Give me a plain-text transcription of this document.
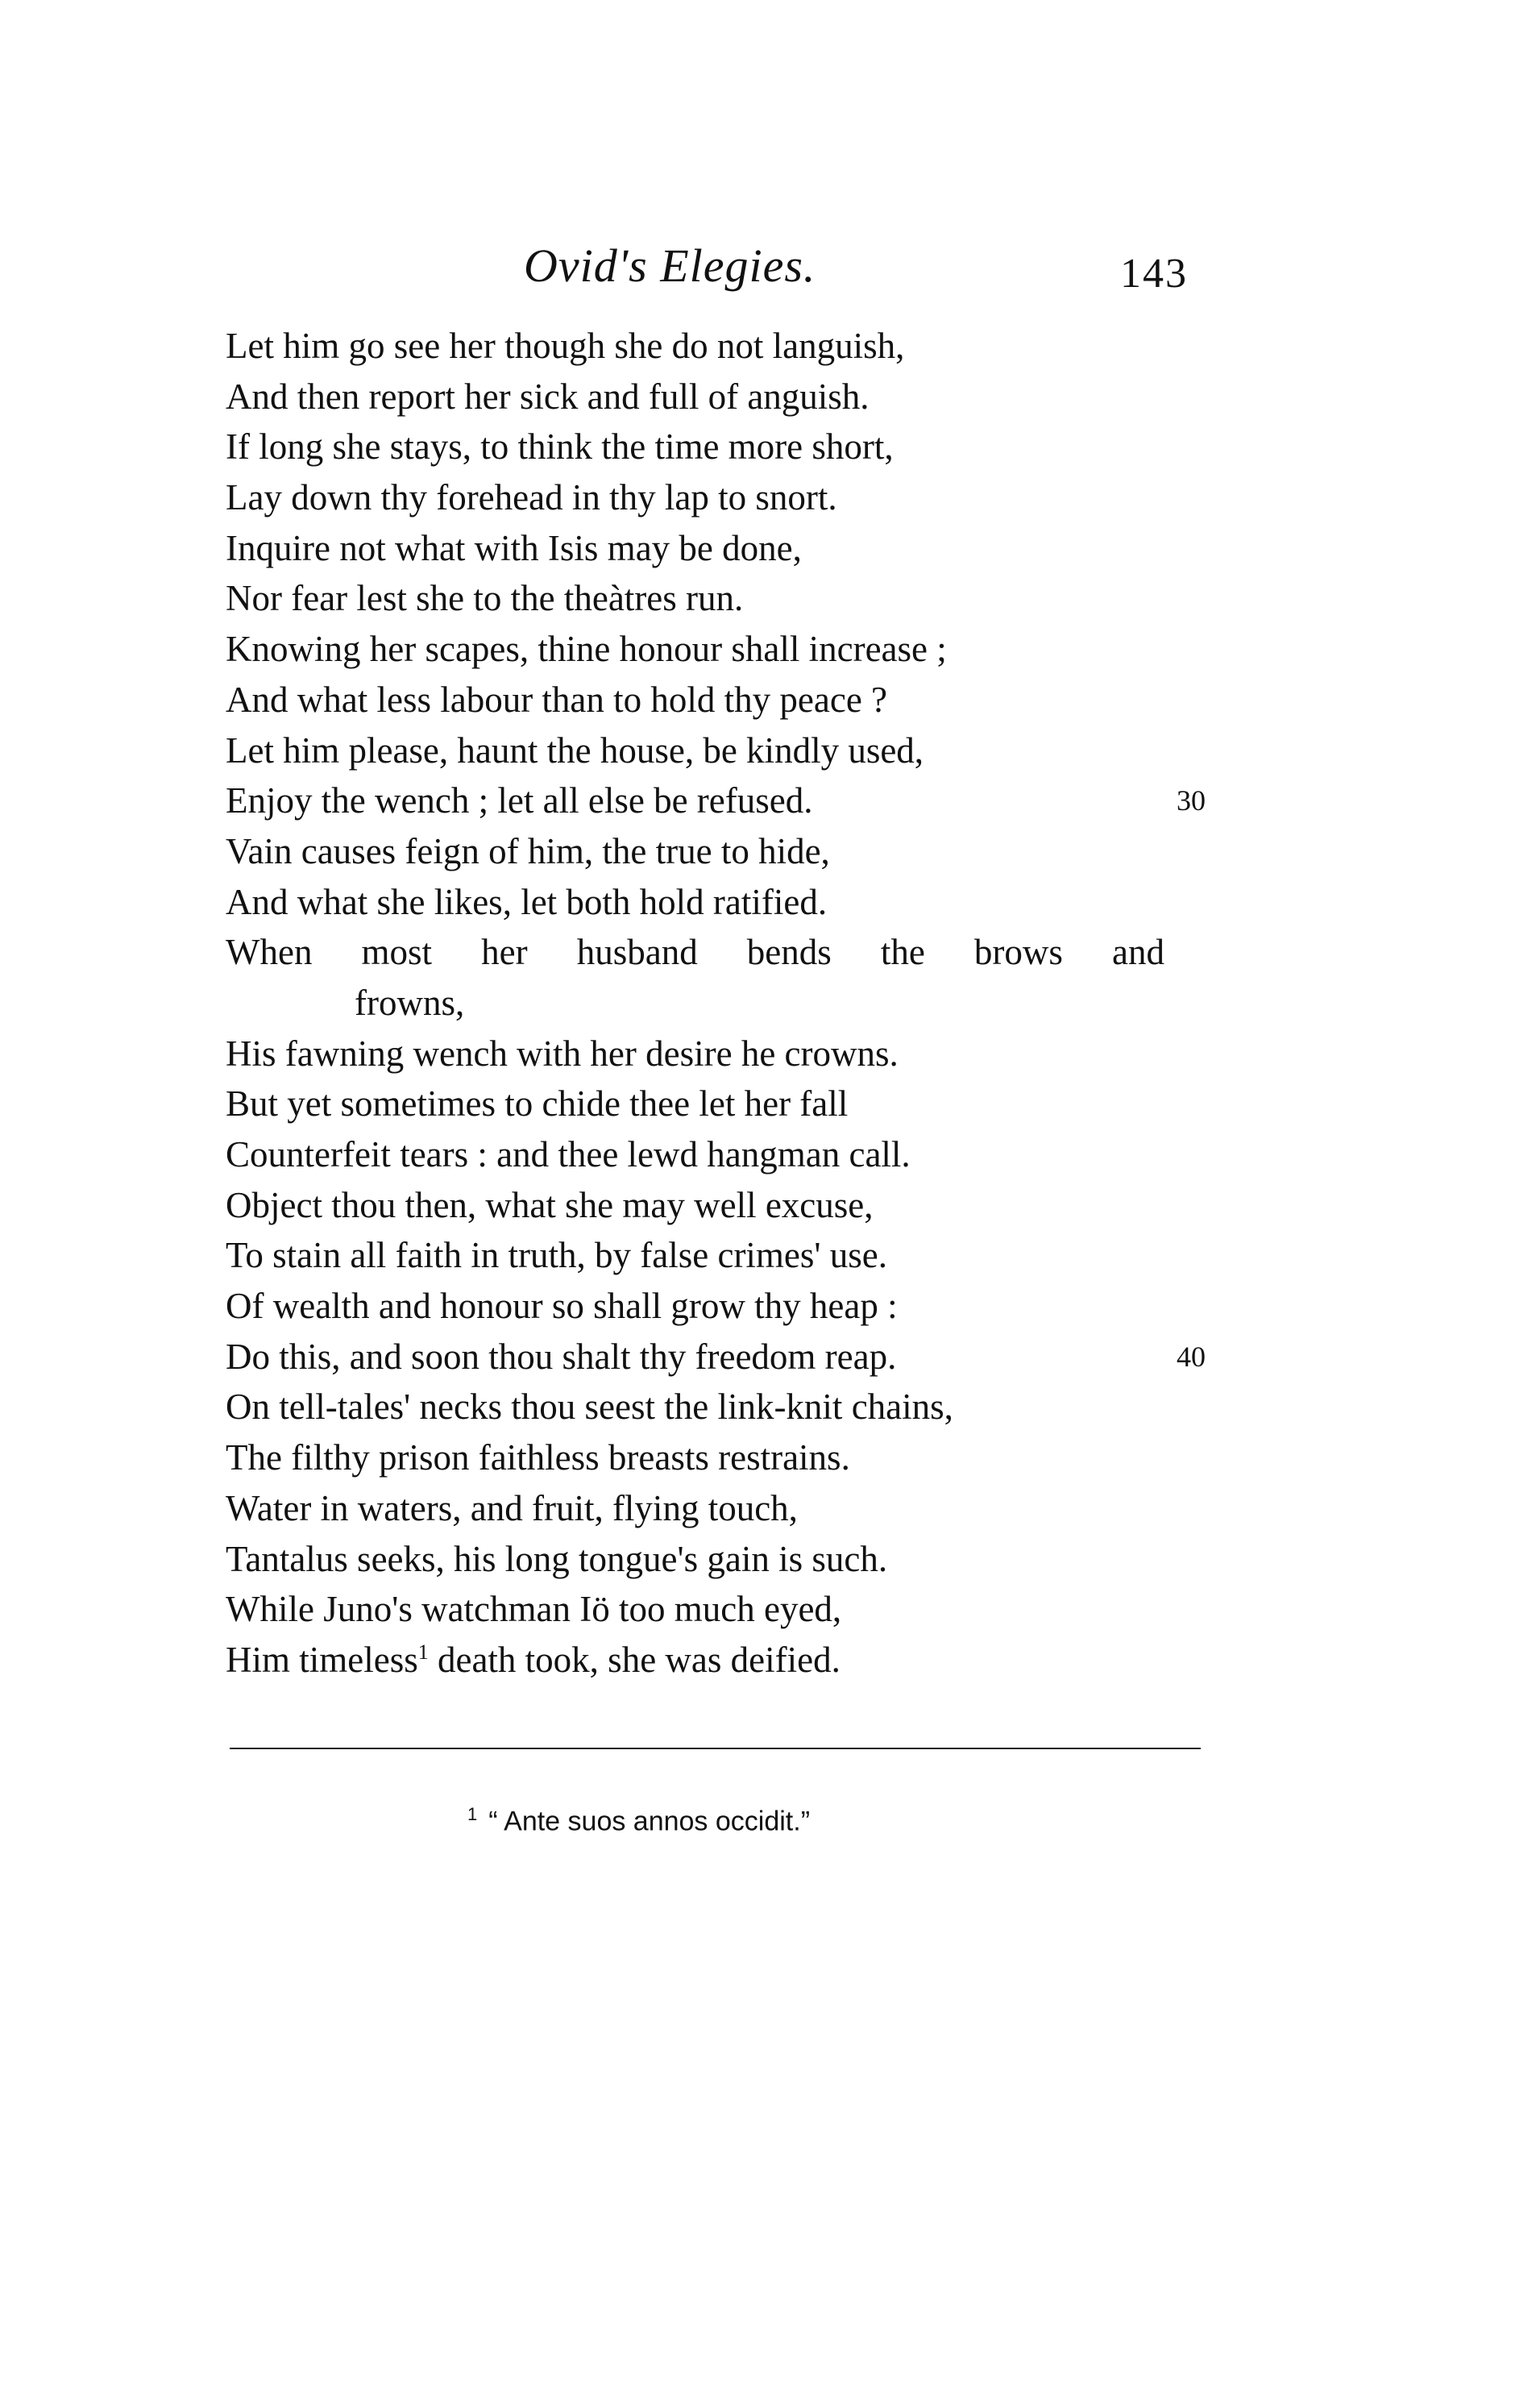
Ovid's Elegies.	143
Let him go see her though she do not languish,
And then report her sick and full of anguish.
If long she stays, to think the time more short,
Lay down thy forehead in thy lap to snort.
Inquire not what with Isis may be done,
Nor fear lest she to the theàtres run.
Knowing her scapes, thine honour shall increase ;
And what less labour than to hold thy peace ?
Let him please, haunt the house, be kindly used,
Enjoy the wench ; let all else be refused.	30
Vain causes feign of him, the true to hide,
And what she likes, let both hold ratified.
When most her husband bends the brows and
frowns,
His fawning wench with her desire he crowns.
But yet sometimes to chide thee let her fall
Counterfeit tears : and thee lewd hangman call.
Object thou then, what she may well excuse,
To stain all faith in truth, by false crimes' use.
Of wealth and honour so shall grow thy heap :
Do this, and soon thou shalt thy freedom reap.	40
On tell-tales' necks thou seest the link-knit chains,
The filthy prison faithless breasts restrains.
Water in waters, and fruit, flying touch,
Tantalus seeks, his long tongue's gain is such.
While Juno's watchman Iö too much eyed,
Him timeless$^1$ death took, she was deified.
$^1$ “ Ante suos annos occidit.”
